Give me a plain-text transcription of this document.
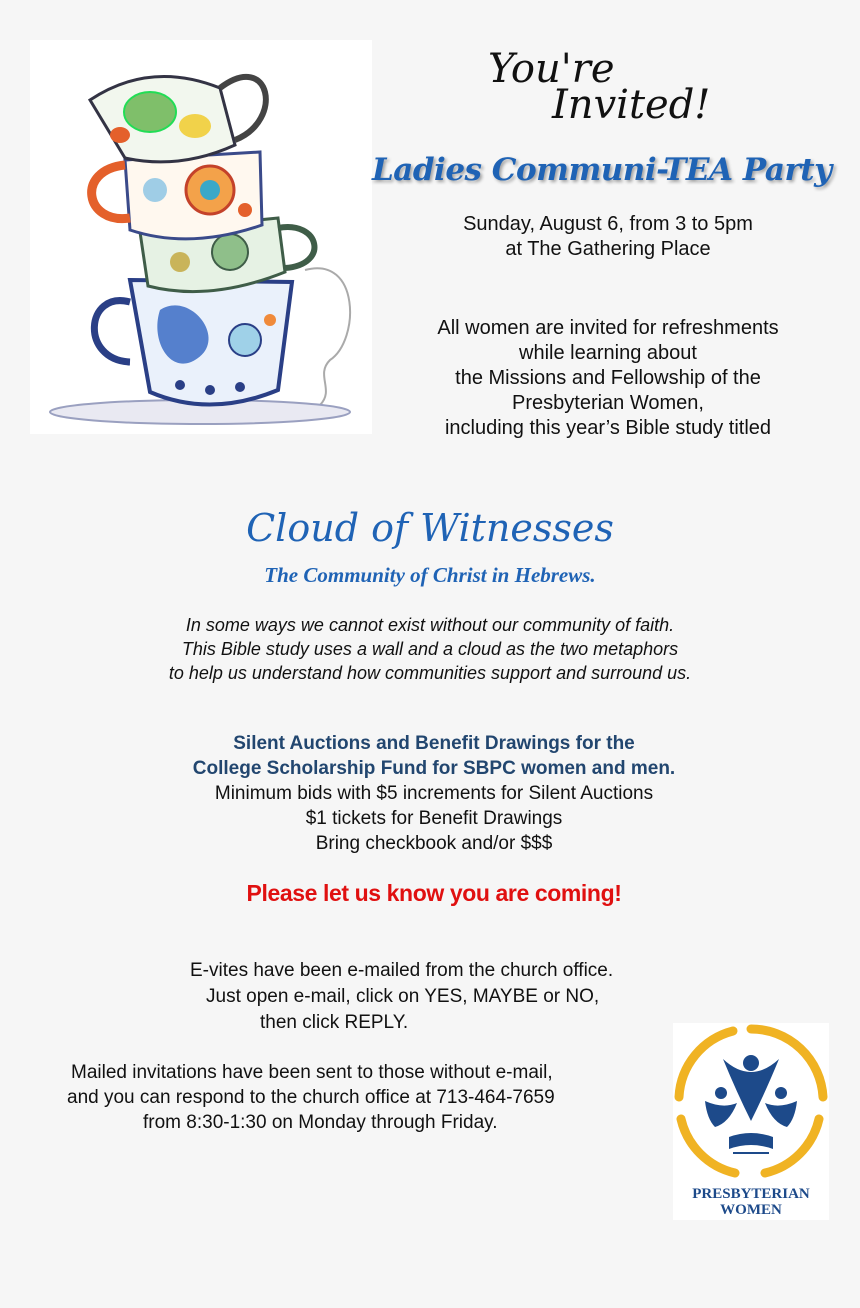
You're
Invited!
Ladies Communi-TEA Party
Sunday, August 6, from 3 to 5pm
at The Gathering Place
All women are invited for refreshments
while learning about
the Missions and Fellowship of the
Presbyterian Women,
including this year’s Bible study titled
Cloud of Witnesses
The Community of Christ in Hebrews.
In some ways we cannot exist without our community of faith.
This Bible study uses a wall and a cloud as the two metaphors
to help us understand how communities support and surround us.
Silent Auctions and Benefit Drawings for the
College Scholarship Fund for SBPC women and men.
Minimum bids with $5 increments for Silent Auctions
$1 tickets for Benefit Drawings
Bring checkbook and/or $$$
Please let us know you are coming!
E-vites have been e-mailed from the church office.
Just open e-mail, click on YES, MAYBE or NO,
then click REPLY.
Mailed invitations have been sent to those without e-mail,
and you can respond to the church office at 713-464-7659
from 8:30-1:30 on Monday through Friday.
PRESBYTERIAN
WOMEN
